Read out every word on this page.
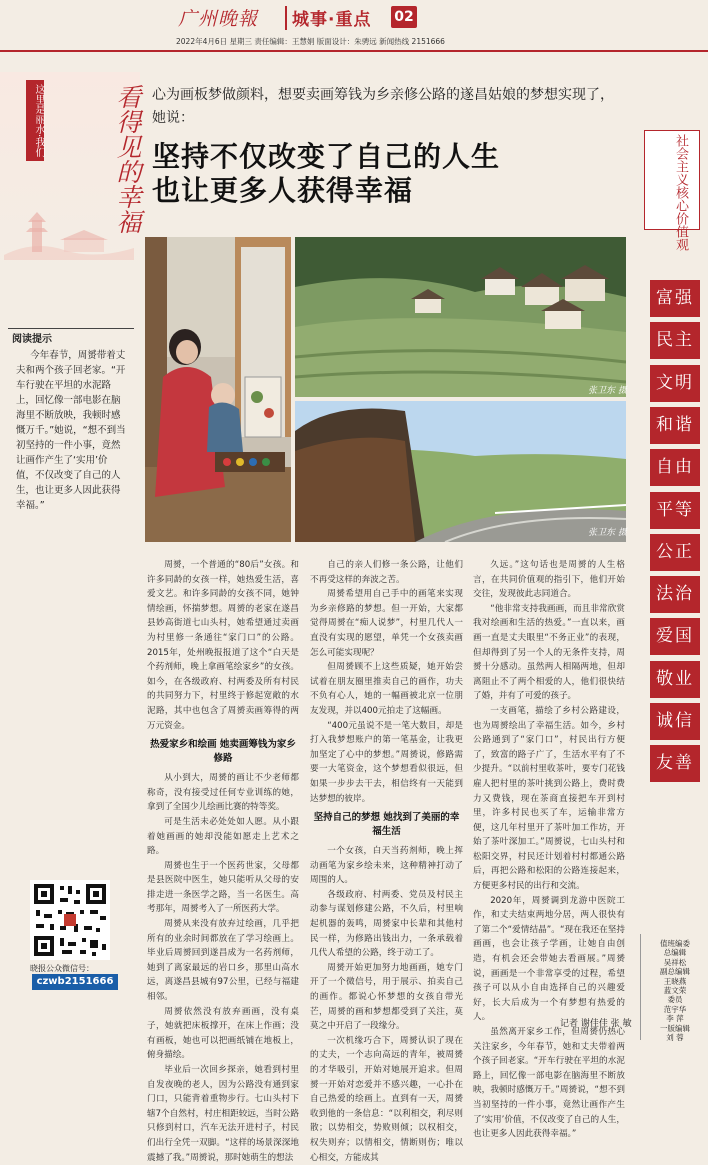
广州晚報 城事·重点 02
2022年4月6日 星期三 责任编辑：王慧娟 版面设计：朱骋远 新闻热线 2151666
这里是丽水·我们	看得见的幸福 心为画板梦做颜料，想要卖画筹钱为乡亲修公路的遂昌姑娘的梦想实现了，她说：
坚持不仅改变了自己的人生
也让更多人获得幸福
张卫东 摄
张卫东 摄
阅读提示
今年春节，周赟带着丈夫和两个孩子回老家。“开车行驶在平坦的水泥路上，回忆像一部电影在脑海里不断放映，我顿时感慨万千。”她说，“想不到当初坚持的一件小事，竟然让画作产生了‘实用’价值，不仅改变了自己的人生，也让更多人因此获得幸福。”
晓报公众微信号：
czwb2151666
社会主义核心价值观
富强
民主
文明
和谐
自由
平等
公正
法治
爱国
敬业
诚信
友善

周赟，一个普通的“80后”女孩。和许多同龄的女孩一样，她热爱生活，喜爱文艺。和许多同龄的女孩不同，她钟情绘画，怀揣梦想。周赟的老家在遂昌县妙高街道七山头村，她希望通过卖画为村里修一条通往“家门口”的公路。2015年，处州晚报报道了这个“白天是个药剂师，晚上拿画笔绘家乡”的女孩。如今，在各级政府、村两委及所有村民的共同努力下，村里终于修起宽敞的水泥路，其中也包含了周赟卖画筹得的两万元资金。

热爱家乡和绘画 她卖画筹钱为家乡修路

从小到大，周赟的画让不少老师都称奇，没有接受过任何专业训练的她，拿到了全国少儿绘画比赛的特等奖。

可是生活未必处处如人愿。从小跟着她画画的她却没能如愿走上艺术之路。

周赟也生于一个医药世家，父母都是县医院中医生，她只能听从父母的安排走进一条医学之路，当一名医生。高考那年，周赟考入了一所医药大学。

周赟从来没有放弃过绘画，几乎把所有的业余时间都放在了学习绘画上。毕业后周赟回到遂昌成为一名药剂师，她到了离家最远的岩口乡，那里山高水远，离遂昌县城有97公里，已经与福建相邻。

周赟依然没有放弃画画，没有桌子，她就把床板撑开，在床上作画；没有画板，她也可以把画纸铺在地板上，俯身描绘。

毕业后一次回乡探亲，她看到村里自发夜晚的老人，因为公路没有通到家门口，只能背着重物步行。七山头村下辖7个自然村，村庄相距较远，当时公路只修到村口，汽车无法开进村子，村民们出行全凭一双脚。“这样的场景深深地震撼了我。”周赟说，那时她萌生的想法

自己的亲人们修一条公路，让他们不再受这样的奔波之苦。

周赟希望用自己手中的画笔来实现为乡亲修路的梦想。但一开始，大家都觉得周赟在“痴人说梦”，村里几代人一直没有实现的愿望，单凭一个女孩卖画怎么可能实现呢？

但周赟顾不上这些质疑，她开始尝试着在朋友圈里推卖自己的画作，功夫不负有心人，她的一幅画被北京一位朋友发现，并以400元拍走了这幅画。

“400元虽说不是一笔大数目，却是打入我梦想账户的第一笔基金，让我更加坚定了心中的梦想。”周赟说，修路需要一大笔资金，这个梦想看似很远，但如果一步步去干去，相信终有一天能到达梦想的彼岸。

坚持自己的梦想 她找到了美丽的幸福生活

一个女孩，白天当药剂师，晚上挥动画笔为家乡绘未来，这种精神打动了周围的人。

各级政府、村两委、党员及村民主动参与谋划修建公路，不久后，村里响起机器的轰鸣，周赟家中长辈和其他村民一样，为修路出钱出力，一条承载着几代人希望的公路，终于动工了。

周赟开始更加努力地画画，她专门开了一个微信号，用于展示、拍卖自己的画作。都说心怀梦想的女孩自带光芒，周赟的画和梦想都受到了关注，莫莫之中开启了一段缘分。

一次机缘巧合下，周赟认识了现在的丈夫，一个志向高远的青年，被周赟的才华吸引，开始对她展开追求。但周赟一开始对恋爱并不感兴趣，一心扑在自己热爱的绘画上。直到有一天，周赟收到他的一条信息：“以利相交，利尽则散；以势相交，势败则倾；以权相交，权失则弃；以情相交，情断则伤；唯以心相交，方能成其

久远。”这句话也是周赟的人生格言，在共同价值观的指引下，他们开始交往，发现彼此志同道合。

“他非常支持我画画，而且非常欣赏我对绘画和生活的热爱。”一直以来，画画一直是丈夫眼里“不务正业”的表现，但却得到了另一个人的无条件支持，周赟十分感动。虽然两人相隔两地，但却离阻止不了两个相爱的人，他们很快结了婚，并有了可爱的孩子。

一支画笔，描绘了乡村公路建设，也为周赟绘出了幸福生活。如今，乡村公路通到了“家门口”，村民出行方便了，致富的路子广了，生活水平有了不少提升。“以前村里收茶叶，要专门花钱雇人把村里的茶叶挑到公路上，费时费力又费钱，现在茶商直接把车开到村里，许多村民也买了车，运输非常方便，这几年村里开了茶叶加工作坊，开始了茶叶深加工。”周赟说，七山头村和松阳交界，村民还计划着村村都通公路后，再把公路和松阳的公路连接起来，方便更多村民的出行和交流。

2020年，周赟调到龙游中医院工作，和丈夫结束两地分居，两人很快有了第二个“爱情结晶”。“现在我还在坚持画画，也会让孩子学画，让她自由创造，有机会还会带她去看画展。”周赟说，画画是一个非常享受的过程，希望孩子可以从小自由选择自己的兴趣爱好，长大后成为一个有梦想有热爱的人。

虽然离开家乡工作，但周赟仍热心关注家乡，今年春节，她和丈夫带着两个孩子回老家。“开车行驶在平坦的水泥路上，回忆像一部电影在脑海里不断放映，我顿时感慨万千。”周赟说，“想不到当初坚持的一件小事，竟然让画作产生了‘实用’价值，不仅改变了自己的人生，也让更多人因此获得幸福。”

记者 谢佳佳 张 敏
值班编委
总编辑
吴祥松
副总编辑
王晓燕
蓝文荣
委员
范宇华
李 萍
一版编辑
刘 蓉
